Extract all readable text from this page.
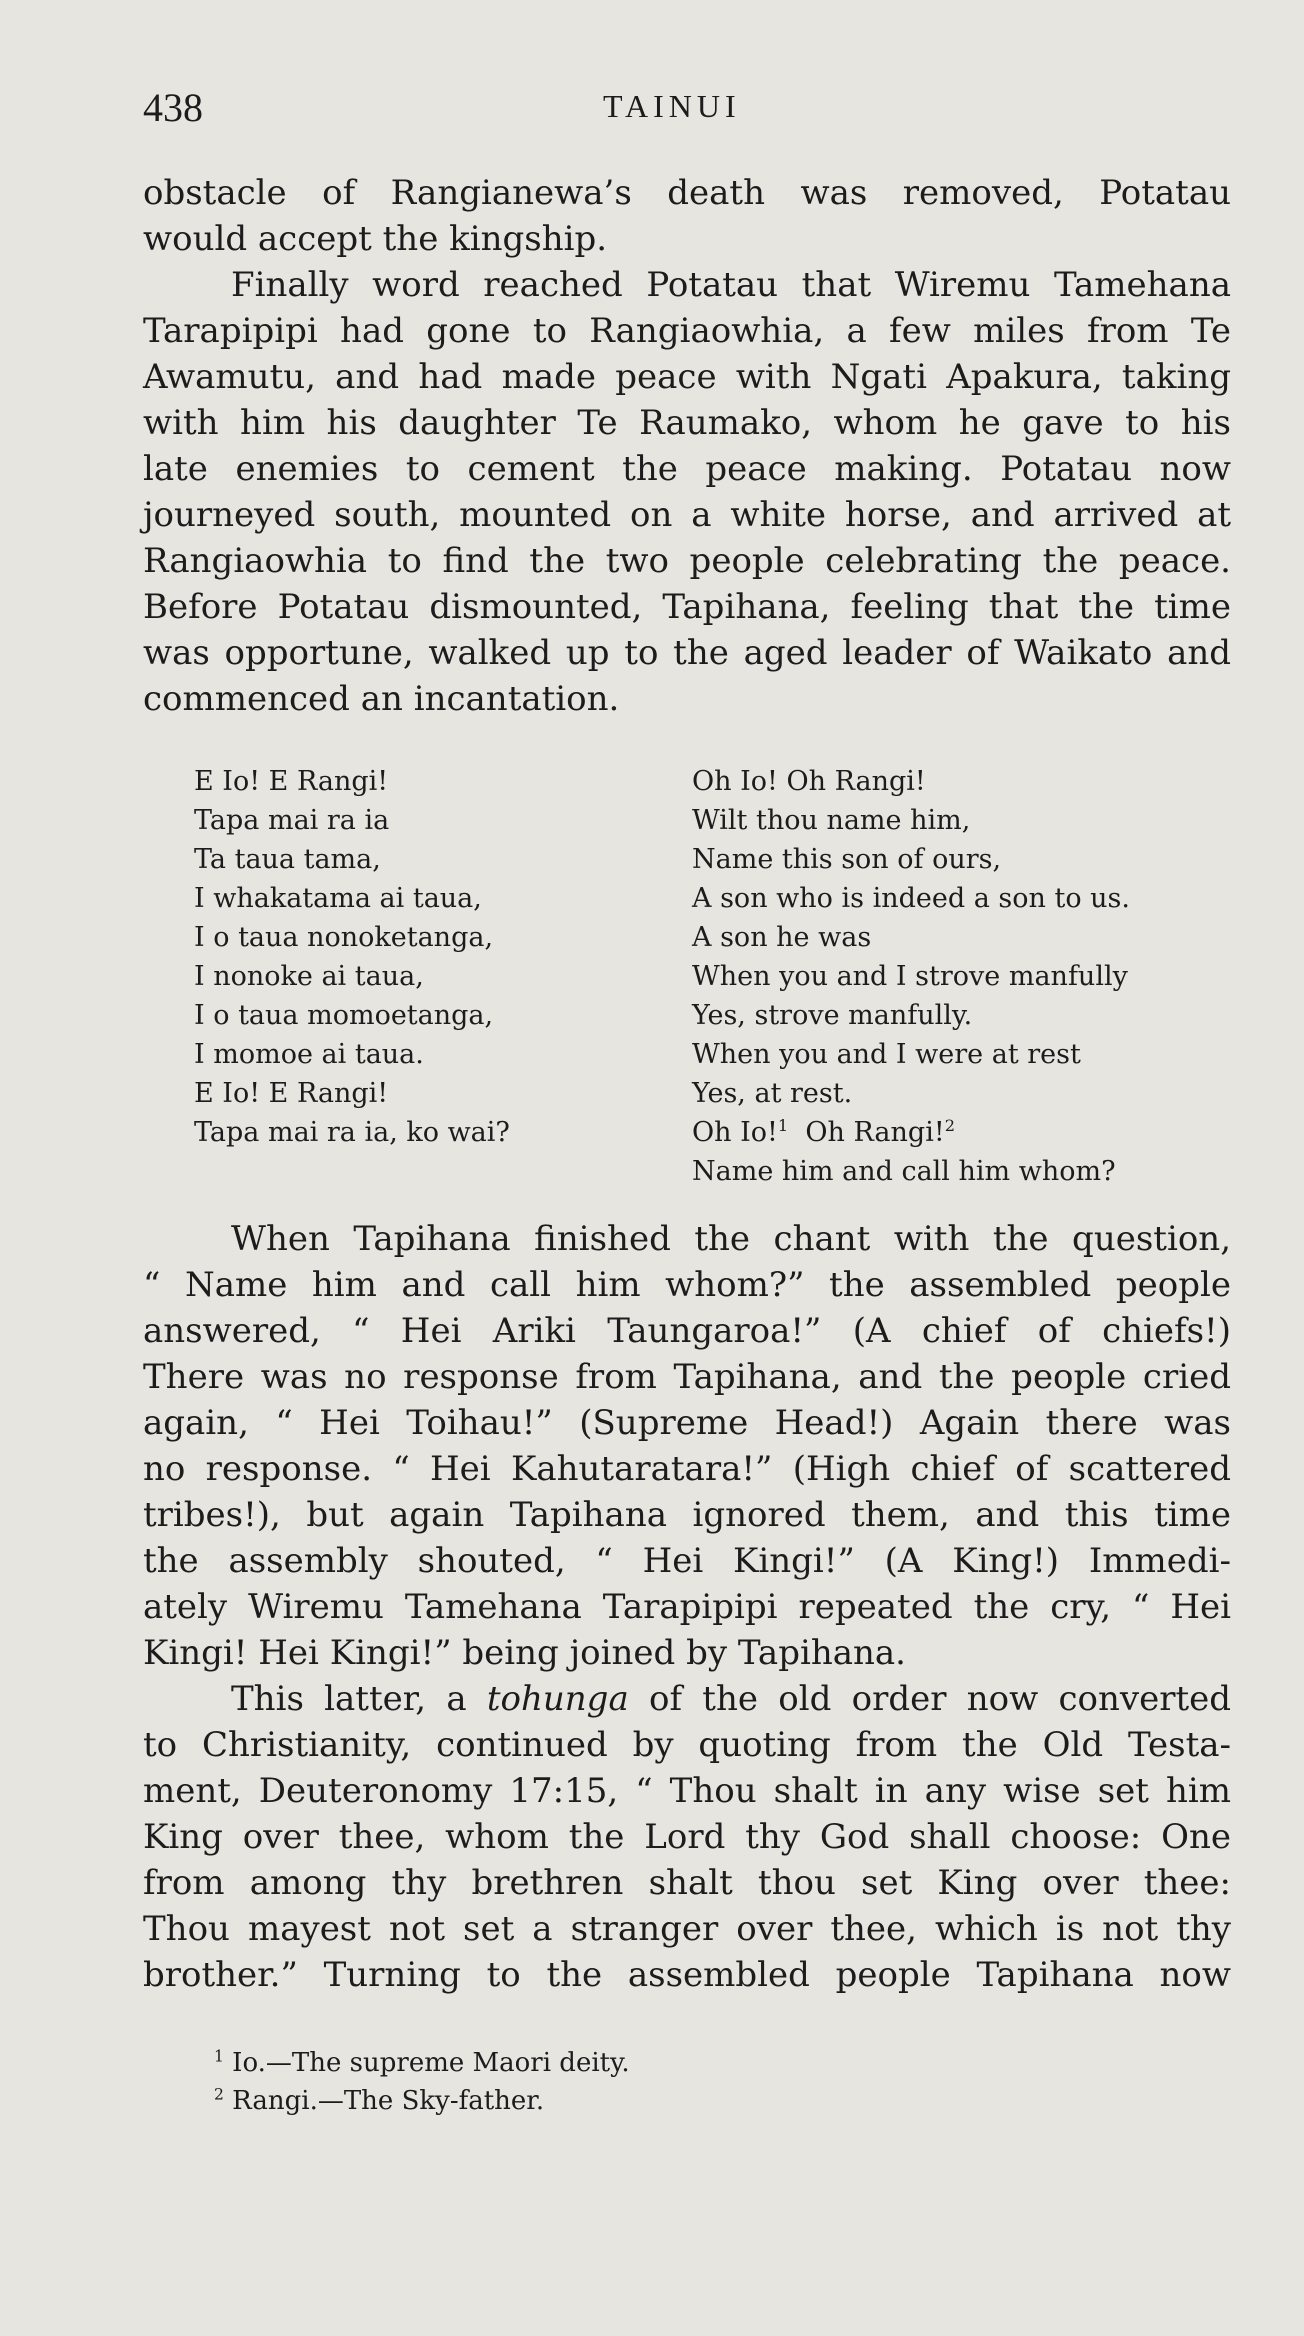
438	TAINUI

obstacle of Rangianewa’s death was removed, Potatau
would accept the kingship.

Finally word reached Potatau that Wiremu Tamehana
Tarapipipi had gone to Rangiaowhia, a few miles from Te
Awamutu, and had made peace with Ngati Apakura, taking
with him his daughter Te Raumako, whom he gave to his
late enemies to cement the peace making. Potatau now
journeyed south, mounted on a white horse, and arrived at
Rangiaowhia to find the two people celebrating the peace.
Before Potatau dismounted, Tapihana, feeling that the time
was opportune, walked up to the aged leader of Waikato and
commenced an incantation.

E Io! E Rangi!
Tapa mai ra ia
Ta taua tama,
I whakatama ai taua,
I o taua nonoketanga,
I nonoke ai taua,
I o taua momoetanga,
I momoe ai taua.
E Io! E Rangi!
Tapa mai ra ia, ko wai?
Oh Io! Oh Rangi!
Wilt thou name him,
Name this son of ours,
A son who is indeed a son to us.
A son he was
When you and I strove manfully
Yes, strove manfully.
When you and I were at rest
Yes, at rest.
Oh Io!$^1$ Oh Rangi!$^2$
Name him and call him whom?

When Tapihana finished the chant with the question,
“ Name him and call him whom?” the assembled people
answered, “ Hei Ariki Taungaroa!” (A chief of chiefs!)
There was no response from Tapihana, and the people cried
again, “ Hei Toihau!” (Supreme Head!) Again there was
no response. “ Hei Kahutaratara!” (High chief of scattered
tribes!), but again Tapihana ignored them, and this time
the assembly shouted, “ Hei Kingi!” (A King!) Immedi-
ately Wiremu Tamehana Tarapipipi repeated the cry, “ Hei
Kingi! Hei Kingi!” being joined by Tapihana.

This latter, a tohunga of the old order now converted
to Christianity, continued by quoting from the Old Testa-
ment, Deuteronomy 17:15, “ Thou shalt in any wise set him
King over thee, whom the Lord thy God shall choose: One
from among thy brethren shalt thou set King over thee:
Thou mayest not set a stranger over thee, which is not thy
brother.” Turning to the assembled people Tapihana now

$^1$ Io.—The supreme Maori deity.
$^2$ Rangi.—The Sky-father.
